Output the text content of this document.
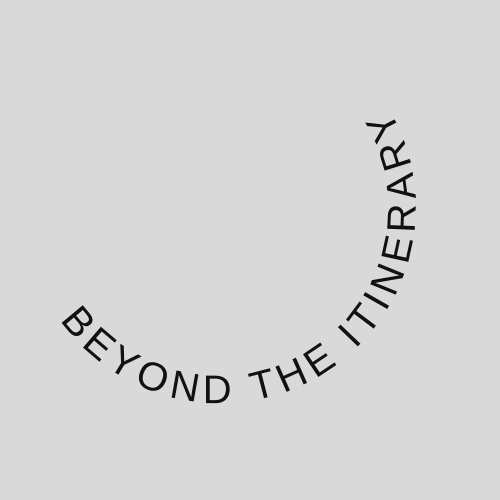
BEYOND THE ITINERARY
